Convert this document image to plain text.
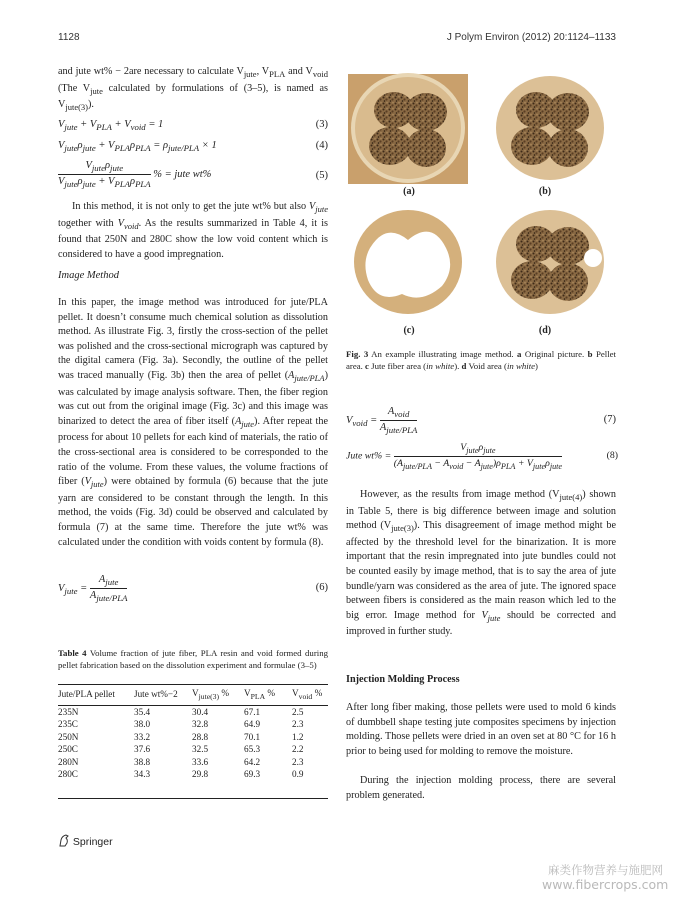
1128	J Polym Environ (2012) 20:1124–1133
and jute wt% − 2are necessary to calculate $V_{jute}$, $V_{PLA}$ and $V_{void}$ (The $V_{jute}$ calculated by formulations of (3–5), is named as $V_{jute(3)}$).
$V_{jute} + V_{PLA} + V_{void} = 1$	(3)
$V_{jute}\rho_{jute} + V_{PLA}\rho_{PLA} = \rho_{jute/PLA} \times 1$	(4)
$\frac{V_{jute}\rho_{jute}}{V_{jute}\rho_{jute} + V_{PLA}\rho_{PLA}}$ % = jute wt%	(5)
In this method, it is not only to get the jute wt% but also $V_{jute}$ together with $V_{void}$. As the results summarized in Table 4, it is found that 250N and 280C show the low void content which is considered to have a good impregnation.
Image Method
In this paper, the image method was introduced for jute/PLA pellet. It doesn’t consume much chemical solution as dissolution method. As illustrate Fig. 3, firstly the cross-section of the pellet was polished and the cross-sectional micrograph was captured by the digital camera (Fig. 3a). Secondly, the outline of the pellet was traced manually (Fig. 3b) then the area of pellet $(A_{jute/PLA})$ was calculated by image analysis software. Then, the fiber region was cut out from the original image (Fig. 3c) and this image was binarized to detect the area of fiber itself $(A_{jute})$. After repeat the process for about 10 pellets for each kind of materials, the ratio of the cross-sectional area is considered to be corresponded to the ratio of the volume. From these values, the volume fractions of fiber $(V_{jute})$ were obtained by formula (6) because that the jute yarn are considered to be constant through the length. In this method, the voids (Fig. 3d) could be observed and calculated by formula (7) at the same time. Therefore the jute wt% was calculated under the condition with voids content by formula (8).
$V_{jute} = \frac{A_{jute}}{A_{jute/PLA}}$	(6)
Table 4 Volume fraction of jute fiber, PLA resin and void formed during pellet fabrication based on the dissolution experiment and formulae (3–5)
Jute/PLA pellet	Jute wt%−2	$V_{jute(3)}$ %	$V_{PLA}$ %	$V_{void}$ %
235N	35.4	30.4	67.1	2.5
235C	38.0	32.8	64.9	2.3
250N	33.2	28.8	70.1	1.2
250C	37.6	32.5	65.3	2.2
280N	38.8	33.6	64.2	2.3
280C	34.3	29.8	69.3	0.9
Springer
(a)	(b)
(c)	(d)
Fig. 3 An example illustrating image method. a Original picture. b Pellet area. c Jute fiber area (in white). d Void area (in white)
$V_{void} = \frac{A_{void}}{A_{jute/PLA}}$	(7)
Jute $wt\% = \frac{V_{jute}\rho_{jute}}{(A_{jute/PLA} - A_{void} - A_{jute})\rho_{PLA} + V_{jute}\rho_{jute}}$	(8)
However, as the results from image method $(V_{jute(4)})$ shown in Table 5, there is big difference between image and solution method $(V_{jute(3)})$. This disagreement of image method might be affected by the threshold level for the binarization. It is more important that the resin impregnated into jute bundles could not be counted easily by image method, that is to say the area of jute bundle/yarn was considered as the area of jute. The ignored space between fibers is considered as the main reason which led to the big error. Image method for $V_{jute}$ should be corrected and improved in further study.
Injection Molding Process
After long fiber making, those pellets were used to mold 6 kinds of dumbbell shape testing jute composites specimens by injection molding. Those pellets were dried in an oven set at 80 °C for 16 h prior to being used for molding to remove the moisture.
During the injection molding process, there are several problem generated.
麻类作物营养与施肥网
www.fibercrops.com
